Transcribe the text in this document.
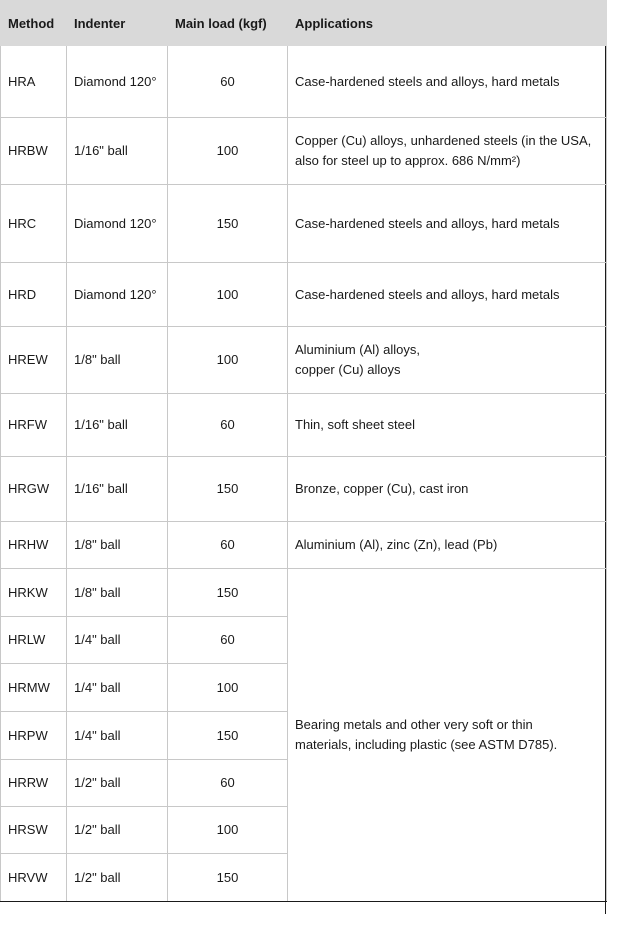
Method	Indenter	Main load (kgf)	Applications
HRA	Diamond 120°	60	Case-hardened steels and alloys, hard metals

HRBW	1/16" ball	100	Copper (Cu) alloys, unhardened steels (in the USA,
also for steel up to approx. 686 N/mm²)

HRC	Diamond 120°	150	Case-hardened steels and alloys, hard metals

HRD	Diamond 120°	100	Case-hardened steels and alloys, hard metals

HREW	1/8" ball	100	Aluminium (Al) alloys,
copper (Cu) alloys

HRFW	1/16" ball	60	Thin, soft sheet steel

HRGW	1/16" ball	150	Bronze, copper (Cu), cast iron

HRHW	1/8" ball	60	Aluminium (Al), zinc (Zn), lead (Pb)

HRKW	1/8" ball	150	Bearing metals and other very soft or thin
materials, including plastic (see ASTM D785).

HRLW	1/4" ball	60	
HRMW	1/4" ball	100	
HRPW	1/4" ball	150	
HRRW	1/2" ball	60	
HRSW	1/2" ball	100	
HRVW	1/2" ball	150	
